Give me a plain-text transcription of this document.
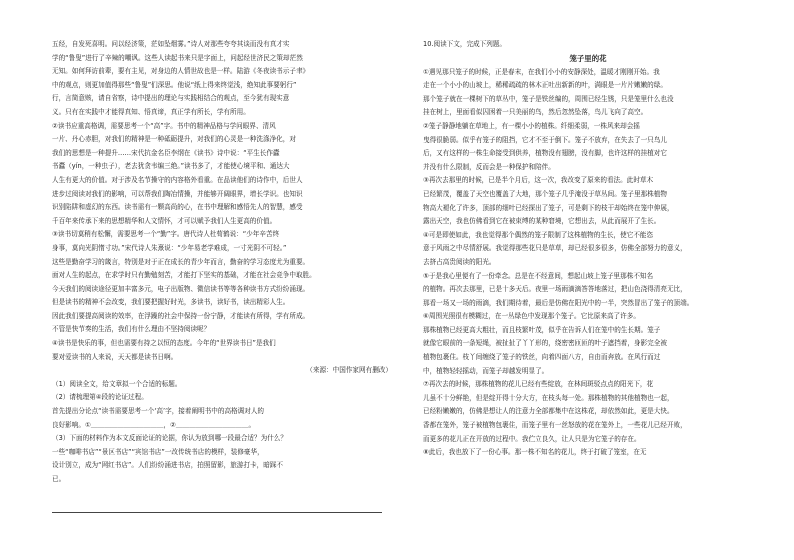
五经，自发死喜明。问以经济策，茫如坠烟雾。”诗人对那些夸夸其谈而没有真才实

学的“鲁叟”进行了辛辣的嘲讽。这些人读起书来只是字面上，问起经世济民之策却茫然

无知。如何拜访前辈，要有主见，对身边的人情世故也是一样。陆游《冬夜读书示子聿》

中的观点，则更加值得那些“鲁叟”们深思。他说“纸上得来终觉浅，绝知此事要躬行”

行，言简意赅，请自省察，诗中提出的理论与实践相结合的观点，至今犹有现实意

义。只有在实践中才能得真知、悟真谛，真正学有所长，学有所用。

②读书应重高格调，需要思考一个“高”字。书中的精神品格与学问眼界、清风

一片、丹心赤胆，对我们的精神是一种砥砺提升，对我们的心灵是一种洗涤净化，对

我们的思想是一种提升……宋代抗金名臣李纲在《读书》诗中说：“平生长作蠹

书蠹（yín，一种虫子），老去犹贪韦编三绝。”读书多了，才能使心境平和、通达大

人生有更大的价值。对于涉及名节操守的内容格外看重。在品读他们的诗作中，后世人

进步过阅读对我们的影响，可以帮我们陶冶情操，并能够开阔眼界，增长学识。也知识

识别陷阱和虚幻的东西。读书需有一颗高尚的心，在书中理解和感悟先人的智慧，感受

千百年来传承下来的思想精华和人文情怀，才可以赋予我们人生更高的价值。

③读书切莫稍有松懈，需要思考一个“勤”字。唐代诗人杜荀鹤说：“少年辛苦终

身事，莫向光阴惰寸功。”宋代诗人朱熹说：“少年易老学难成，一寸光阴不可轻。”

这些是勤奋学习的箴言，特别是对于正在成长的青少年而言，勤奋的学习态度尤为重要。

面对人生的起点，在求学时只有勤勉刻苦，才能打下坚实的基础，才能在社会竞争中取胜。

今天我们的阅读途径更加丰富多元，电子出版物、微信读书等等各种读书方式纷纷涌现。

但是读书的精神不会改变，我们要把握好时光，多读书，读好书，读出精彩人生。

因此我们要提高阅读的效率，在浮躁的社会中保持一份宁静，才能读有所得，学有所成。

不管是快节奏的生活，我们有什么理由不坚持阅读呢？

④读书是快乐的事，但也需要有持之以恒的态度。今年的“世界读书日”是我们

要对爱读书的人来说，天天都是读书日啊。

（来源：中国作家网有删改）

（1）阅读全文，给文章拟一个合适的标题。

（2）请梳理第④段的论证过程。

首先提出分论点“读书需要思考一个‘高’字，接着阐明书中的高格调对人的

良好影响。①＿＿＿＿＿＿＿＿＿＿＿，②＿＿＿＿＿＿＿＿＿＿＿。

（3）下面的材料作为本文反面论证的论据，你认为放到哪一段最合适？为什么？

一些“咖啡书店”“景区书店”“宾馆书店”一改传统书店的模样，装修豪华，

设计别立，成为“网红书店”。人们纷纷涌进书店，拍照留影，旅游打卡，暗踩不

已。

10.阅读下文，完成下列题。

笼子里的花

①遇见那只笼子的时候，正是春末，在我们小小的安静深处，温暖才刚刚开始。我

走在一个小小的山坡上，稀稀疏疏的林木正吐出新新的叶，满眼是一片片嫩嫩的绿。

那个笼子就在一棵树下的草丛中，笼子是铁丝编的，周围已经生锈，只是笼里什么也没

挂在树上，里面看似囚困着一只美丽的鸟，然后忽然坠落，鸟儿飞向了高空。

②笼子静静地躺在草地上，有一棵小小的植株。纤细柔弱，一株风来却会摇

曳得很脆弱。似乎有笼子的阻挡，它才不至于倒下。笼子不放弃，在失去了一只鸟儿

后，又有这样的一株生命接受到供养，植物没有翅膀，没有脚，也许这样的挂植对它

并没有什么限制，反而会是一种保护和陪伴。

③再次去那里的时候，已是半个月后，这一次，我改变了原来的看法。此时草木

已经繁茂，覆盖了天空也覆盖了大地，那个笼子几乎淹没于草丛间。笼子里那株植物

物高大褪化了许多，顶部的细叶已经探出了笼子，可是剩下的枝干却始终在笼中伸展，

露出天空，我也仿佛看到它在被束缚的某种窘境，它想出去，从此而展开了生长。

④可是即使如此，我也觉得那个偶然的笼子限制了这株植物的生长，使它不能恣

意于风雨之中尽情舒展。我觉得那些花只是草草，却已经很多很多，仿佛全部努力的意义，

去挤占高贵阅读的阳光。

⑤于是我心里便有了一份牵念。总是在不经意间，想起山坡上笼子里那株不知名

的植物。再次去那里，已是十多天后。夜里一场雨滴滴答答地落过，把山色浇得清亮无比，

那看一场又一场的雨滴，我们期待着，最后是仿佛在阳光中的一半，突然冒出了笼子的顶端。

⑥周围光照很有模糊过，在一丛绿色中发现那个笼子。它比原来高了许多。

那株植物已经更高大粗壮，而且枝繁叶茂，似乎在告诉人们在笼中的生长期。笼子

就像它眼前的一条短绳，被扯扯了丫丫形的，绕密密匝匝的叶子遮挡着，身影完全被

植物包裹住。枝丫间缠绕了笼子的铁丝，向着四面八方，自由而奔放。在风行而过

中，植物轻轻摇动，而笼子却越发明显了。

⑦再次去的时候，那株植物的花儿已经有些绽放，在林间斑驳点点的阳光下，花

儿虽不十分鲜艳，但是绽开得十分大方，在枝头每一处。那株植物的其他植物也一起，

已经粉嫩嫩的，仿佛是想让人的注意力全部都集中在这株花，却依然如此，更是大快。

香都在笼外，笼子被植物包裹住，而笼子里有一丝怒放的花在笼外上，一些花儿已经开败，

而更多的花儿正在开放的过程中。我伫立良久，让人只是为它笼子的存在。

⑧此后，我也放下了一份心事。那一株不知名的花儿，终于打破了笼室，在无
